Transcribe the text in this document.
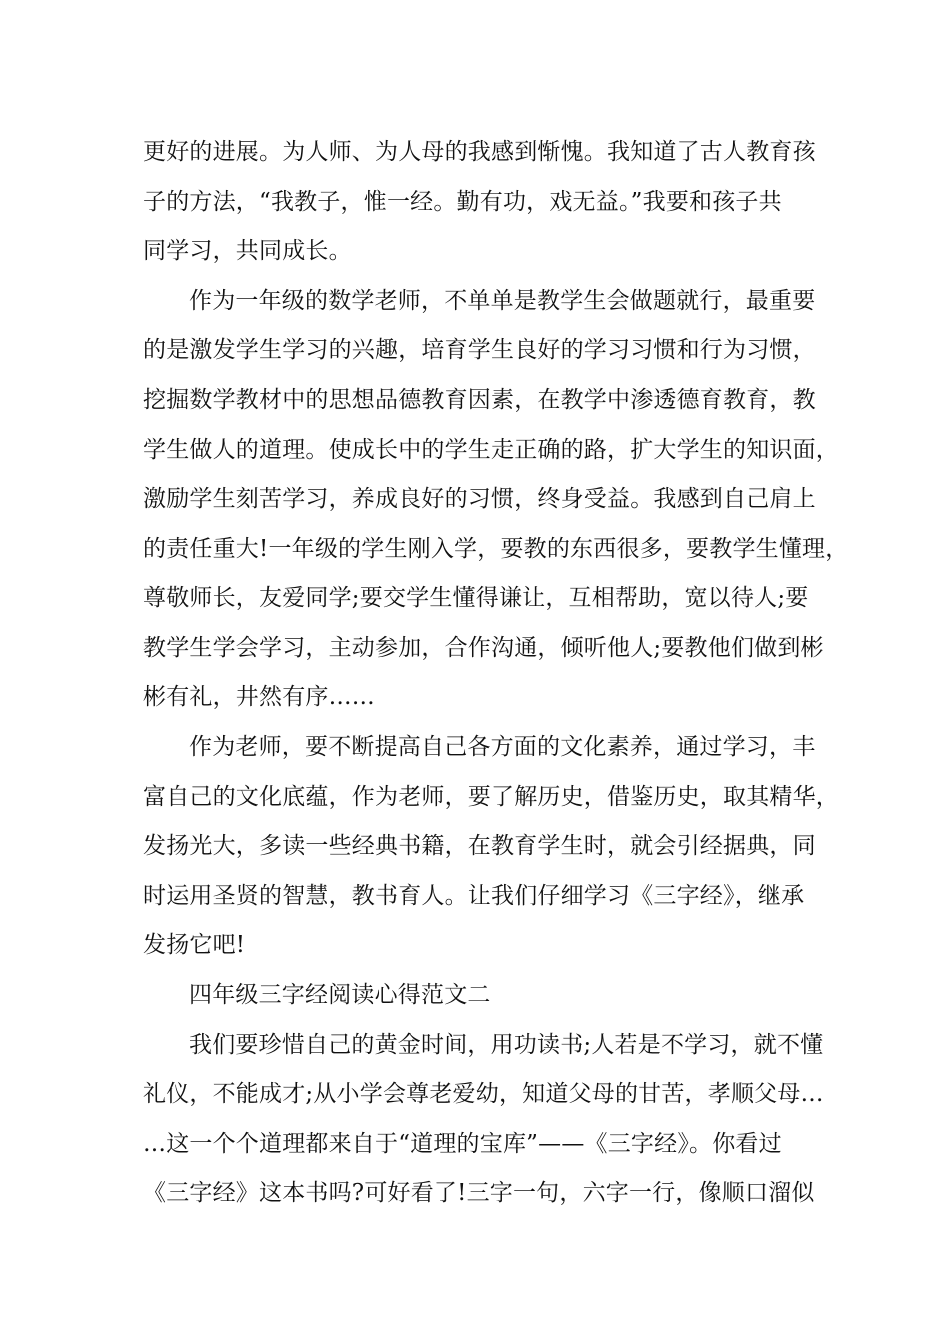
更好的进展。为人师、为人母的我感到惭愧。我知道了古人教育孩
子的方法，“我教子，惟一经。勤有功，戏无益。”我要和孩子共
同学习，共同成长。
作为一年级的数学老师，不单单是教学生会做题就行，最重要
的是激发学生学习的兴趣，培育学生良好的学习习惯和行为习惯，
挖掘数学教材中的思想品德教育因素，在教学中渗透德育教育，教
学生做人的道理。使成长中的学生走正确的路，扩大学生的知识面，
激励学生刻苦学习，养成良好的习惯，终身受益。我感到自己肩上
的责任重大!一年级的学生刚入学，要教的东西很多，要教学生懂理，
尊敬师长，友爱同学;要交学生懂得谦让，互相帮助，宽以待人;要
教学生学会学习，主动参加，合作沟通，倾听他人;要教他们做到彬
彬有礼，井然有序……
作为老师，要不断提高自己各方面的文化素养，通过学习，丰
富自己的文化底蕴，作为老师，要了解历史，借鉴历史，取其精华，
发扬光大，多读一些经典书籍，在教育学生时，就会引经据典，同
时运用圣贤的智慧，教书育人。让我们仔细学习《三字经》，继承
发扬它吧!
四年级三字经阅读心得范文二
我们要珍惜自己的黄金时间，用功读书;人若是不学习，就不懂
礼仪，不能成才;从小学会尊老爱幼，知道父母的甘苦，孝顺父母…
…这一个个道理都来自于“道理的宝库”——《三字经》。你看过
《三字经》这本书吗?可好看了!三字一句，六字一行，像顺口溜似
